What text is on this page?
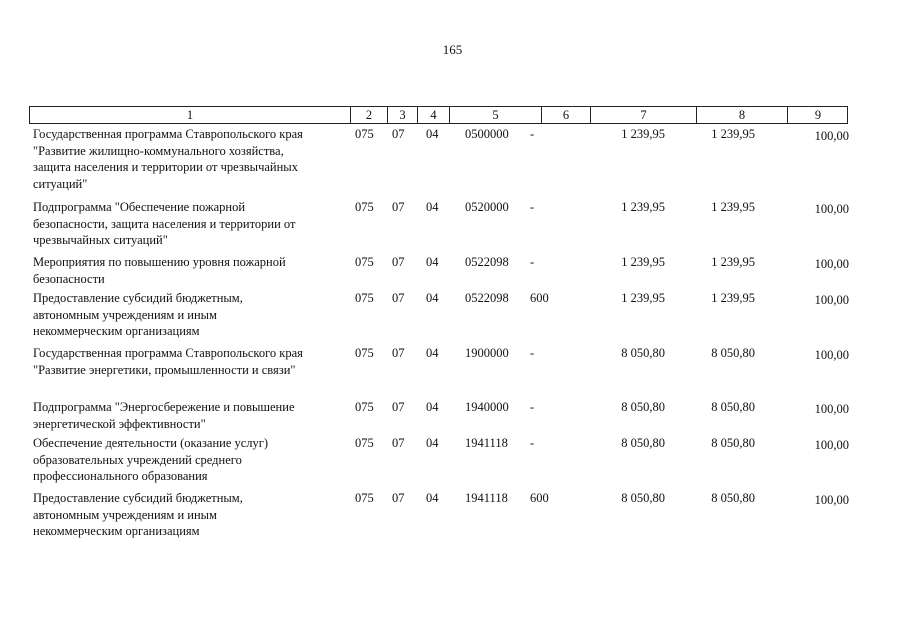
165
1	2	3	4	5	6	7	8	9
Государственная программа Ставропольского края
"Развитие жилищно-коммунального хозяйства,
защита населения и территории от чрезвычайных
ситуаций"
075 07 04 0500000 -	1 239,95	1 239,95	100,00
Подпрограмма "Обеспечение пожарной
безопасности, защита населения и территории от
чрезвычайных ситуаций"
075 07 04 0520000 -	1 239,95	1 239,95	100,00
Мероприятия по повышению уровня пожарной
безопасности
075 07 04 0522098 -	1 239,95	1 239,95	100,00
Предоставление субсидий бюджетным,
автономным учреждениям и иным
некоммерческим организациям
075 07 04 0522098 600	1 239,95	1 239,95	100,00
Государственная программа Ставропольского края
"Развитие энергетики, промышленности и связи"
075 07 04 1900000 -	8 050,80	8 050,80	100,00
Подпрограмма "Энергосбережение и повышение
энергетической эффективности"
075 07 04 1940000 -	8 050,80	8 050,80	100,00
Обеспечение деятельности (оказание услуг)
образовательных учреждений среднего
профессионального образования
075 07 04 1941118 -	8 050,80	8 050,80	100,00
Предоставление субсидий бюджетным,
автономным учреждениям и иным
некоммерческим организациям
075 07 04 1941118 600	8 050,80	8 050,80	100,00
